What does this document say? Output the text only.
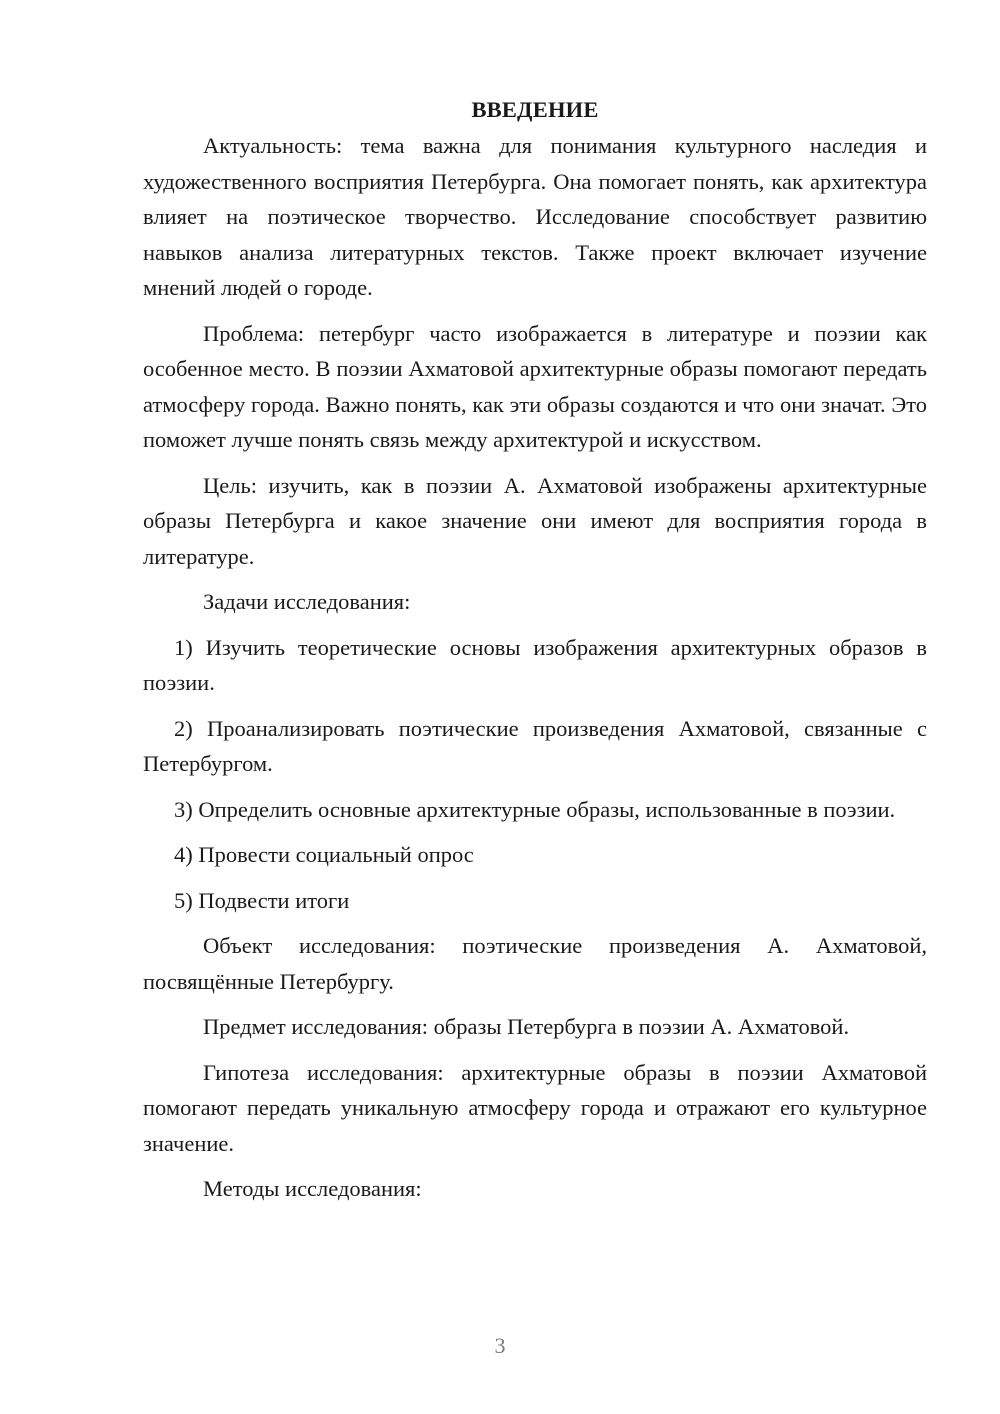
ВВЕДЕНИЕ

Актуальность: тема важна для понимания культурного наследия и художественного восприятия Петербурга. Она помогает понять, как архитектура влияет на поэтическое творчество. Исследование способствует развитию навыков анализа литературных текстов. Также проект включает изучение мнений людей о городе.

Проблема: петербург часто изображается в литературе и поэзии как особенное место. В поэзии Ахматовой архитектурные образы помогают передать атмосферу города. Важно понять, как эти образы создаются и что они значат. Это поможет лучше понять связь между архитектурой и искусством.

Цель: изучить, как в поэзии А. Ахматовой изображены архитектурные образы Петербурга и какое значение они имеют для восприятия города в литературе.

Задачи исследования:

1) Изучить теоретические основы изображения архитектурных образов в поэзии.

2) Проанализировать поэтические произведения Ахматовой, связанные с Петербургом.

3) Определить основные архитектурные образы, использованные в поэзии.

4) Провести социальный опрос

5) Подвести итоги

Объект исследования: поэтические произведения А. Ахматовой, посвящённые Петербургу.

Предмет исследования: образы Петербурга в поэзии А. Ахматовой.

Гипотеза исследования: архитектурные образы в поэзии Ахматовой помогают передать уникальную атмосферу города и отражают его культурное значение.

Методы исследования:

3
